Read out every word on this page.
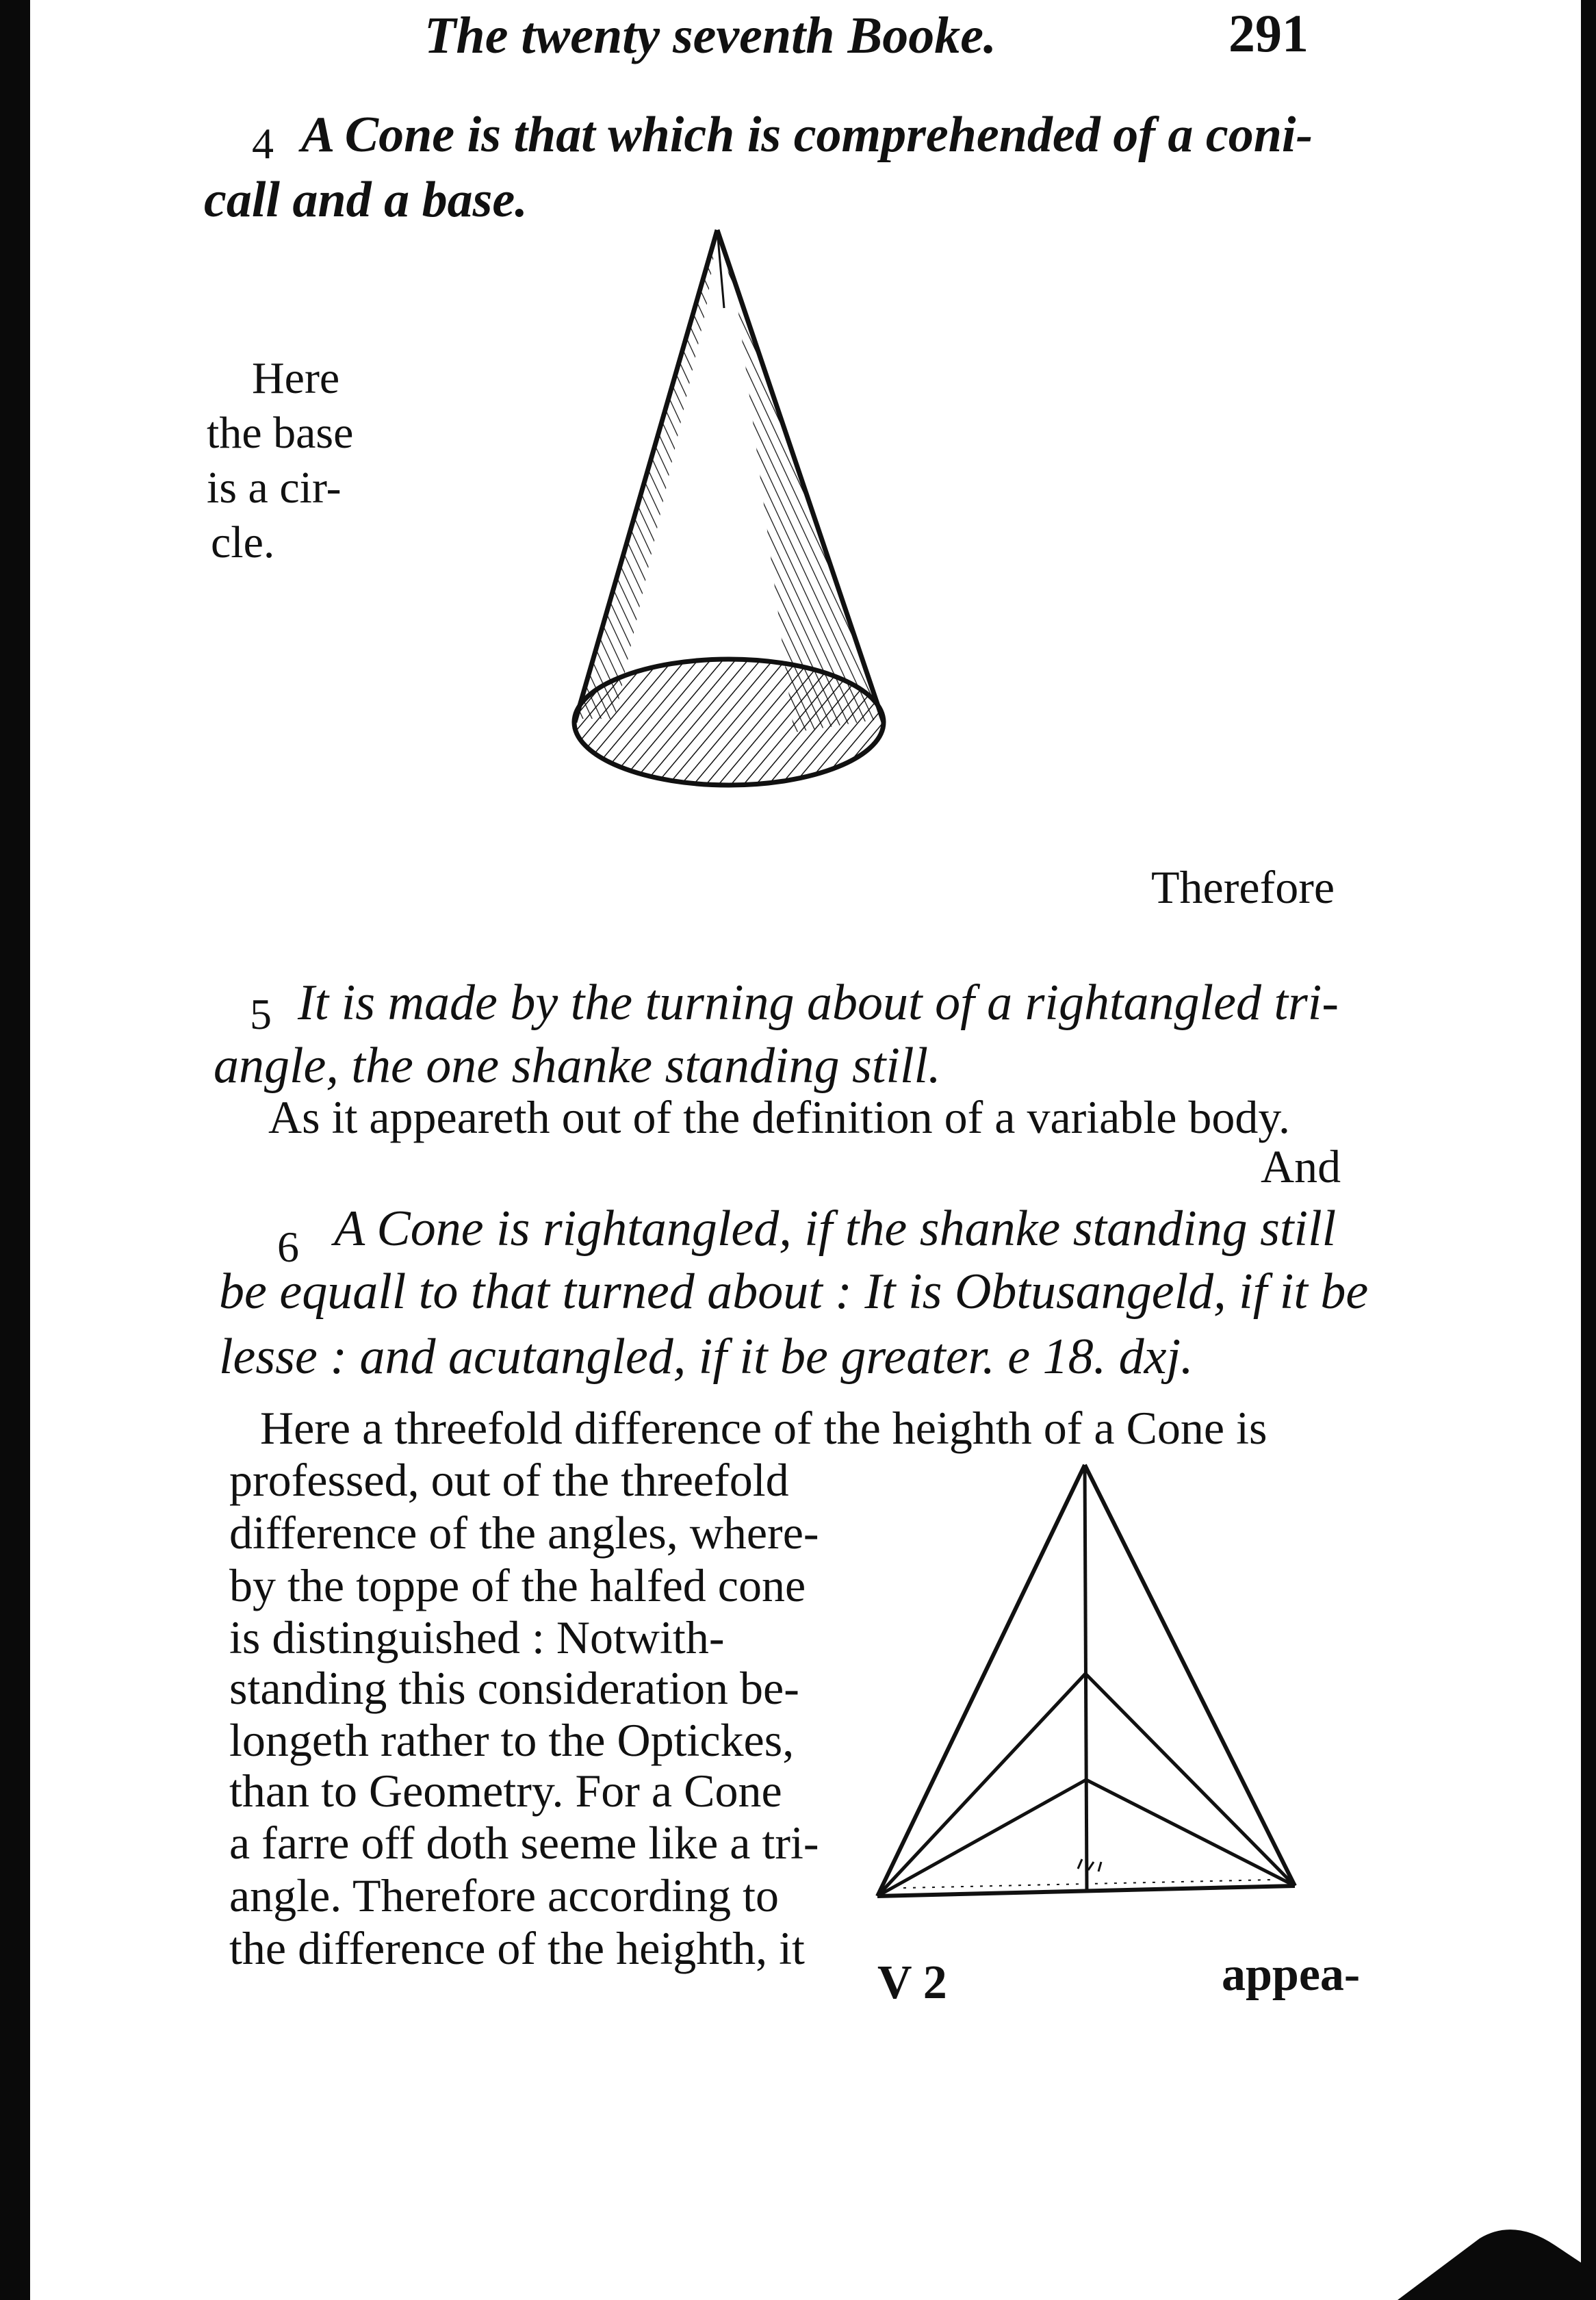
The twenty seventh Booke.	291
4 A Cone is that which is comprehended of a coni-
call and a base.
Here
the base
is a cir-
cle.
Therefore
5 It is made by the turning about of a rightangled tri-
angle, the one shanke standing still.
As it appeareth out of the definition of a variable body.
And
6 A Cone is rightangled, if the shanke standing still
be equall to that turned about : It is Obtusangeld, if it be
lesse : and acutangled, if it be greater. e 18. dxj.
Here a threefold difference of the heighth of a Cone is
professed, out of the threefold
difference of the angles, where-
by the toppe of the halfed cone
is distinguished : Notwith-
standing this consideration be-
longeth rather to the Optickes,
than to Geometry. For a Cone
a farre off doth seeme like a tri-
angle. Therefore according to
the difference of the heighth, it
V 2	appea-
